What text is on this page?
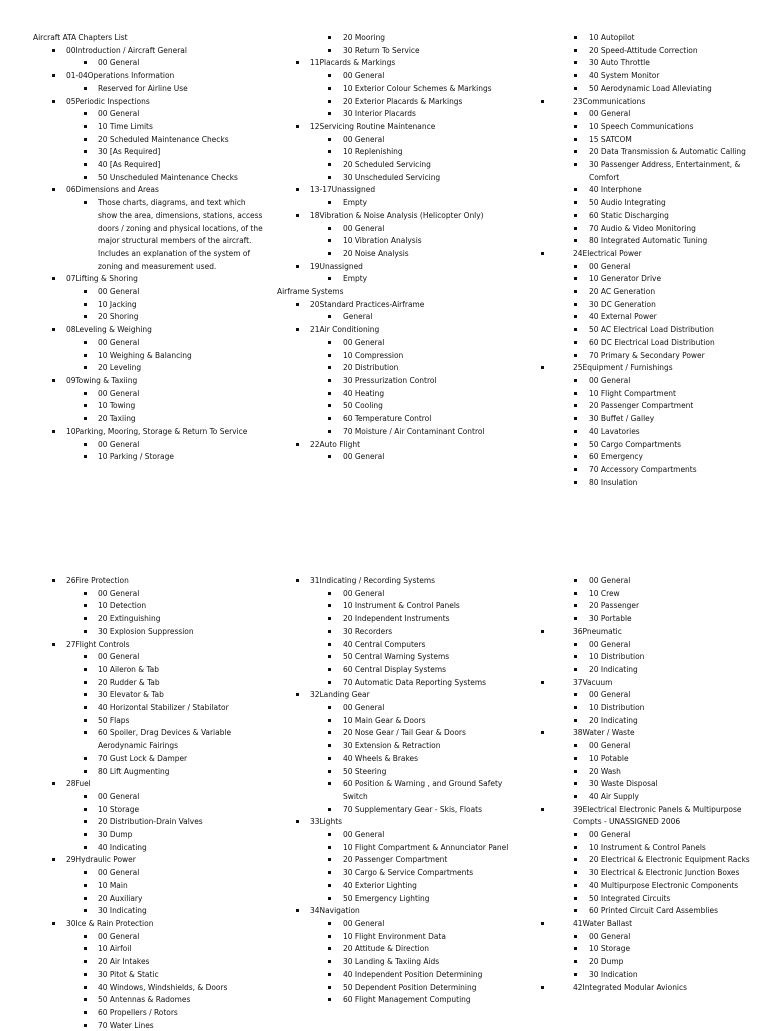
Aircraft ATA Chapters List
00Introduction / Aircraft General
00 General
01-04Operations Information
Reserved for Airline Use
05Periodic Inspections
00 General
10 Time Limits
20 Scheduled Maintenance Checks
30 [As Required]
40 [As Required]
50 Unscheduled Maintenance Checks
06Dimensions and Areas
Those charts, diagrams, and text which show the area, dimensions, stations, access doors / zoning and physical locations, of the major structural members of the aircraft. Includes an explanation of the system of zoning and measurement used.
07Lifting & Shoring
00 General
10 Jacking
20 Shoring
08Leveling & Weighing
00 General
10 Weighing & Balancing
20 Leveling
09Towing & Taxiing
00 General
10 Towing
20 Taxiing
10Parking, Mooring, Storage & Return To Service
00 General
10 Parking / Storage
20 Mooring
30 Return To Service
11Placards & Markings
00 General
10 Exterior Colour Schemes & Markings
20 Exterior Placards & Markings
30 Interior Placards
12Servicing Routine Maintenance
00 General
10 Replenishing
20 Scheduled Servicing
30 Unscheduled Servicing
13-17Unassigned
Empty
18Vibration & Noise Analysis (Helicopter Only)
00 General
10 Vibration Analysis
20 Noise Analysis
19Unassigned
Empty
Airframe Systems
20Standard Practices-Airframe
General
21Air Conditioning
00 General
10 Compression
20 Distribution
30 Pressurization Control
40 Heating
50 Cooling
60 Temperature Control
70 Moisture / Air Contaminant Control
22Auto Flight
00 General
10 Autopilot
20 Speed-Attitude Correction
30 Auto Throttle
40 System Monitor
50 Aerodynamic Load Alleviating
23Communications
00 General
10 Speech Communications
15 SATCOM
20 Data Transmission & Automatic Calling
30 Passenger Address, Entertainment, & Comfort
40 Interphone
50 Audio Integrating
60 Static Discharging
70 Audio & Video Monitoring
80 Integrated Automatic Tuning
24Electrical Power
00 General
10 Generator Drive
20 AC Generation
30 DC Generation
40 External Power
50 AC Electrical Load Distribution
60 DC Electrical Load Distribution
70 Primary & Secondary Power
25Equipment / Furnishings
00 General
10 Flight Compartment
20 Passenger Compartment
30 Buffet / Galley
40 Lavatories
50 Cargo Compartments
60 Emergency
70 Accessory Compartments
80 Insulation
26Fire Protection
00 General
10 Detection
20 Extinguishing
30 Explosion Suppression
27Flight Controls
00 General
10 Aileron & Tab
20 Rudder & Tab
30 Elevator & Tab
40 Horizontal Stabilizer / Stabilator
50 Flaps
60 Spoiler, Drag Devices & Variable Aerodynamic Fairings
70 Gust Lock & Damper
80 Lift Augmenting
28Fuel
00 General
10 Storage
20 Distribution-Drain Valves
30 Dump
40 Indicating
29Hydraulic Power
00 General
10 Main
20 Auxiliary
30 Indicating
30Ice & Rain Protection
00 General
10 Airfoil
20 Air Intakes
30 Pitot & Static
40 Windows, Windshields, & Doors
50 Antennas & Radomes
60 Propellers / Rotors
70 Water Lines
31Indicating / Recording Systems
00 General
10 Instrument & Control Panels
20 Independent Instruments
30 Recorders
40 Central Computers
50 Central Warning Systems
60 Central Display Systems
70 Automatic Data Reporting Systems
32Landing Gear
00 General
10 Main Gear & Doors
20 Nose Gear / Tail Gear & Doors
30 Extension & Retraction
40 Wheels & Brakes
50 Steering
60 Position & Warning , and Ground Safety Switch
70 Supplementary Gear - Skis, Floats
33Lights
00 General
10 Flight Compartment & Annunciator Panel
20 Passenger Compartment
30 Cargo & Service Compartments
40 Exterior Lighting
50 Emergency Lighting
34Navigation
00 General
10 Flight Environment Data
20 Attitude & Direction
30 Landing & Taxiing Aids
40 Independent Position Determining
50 Dependent Position Determining
60 Flight Management Computing
00 General
10 Crew
20 Passenger
30 Portable
36Pneumatic
00 General
10 Distribution
20 Indicating
37Vacuum
00 General
10 Distribution
20 Indicating
38Water / Waste
00 General
10 Potable
20 Wash
30 Waste Disposal
40 Air Supply
39Electrical Electronic Panels & Multipurpose Compts - UNASSIGNED 2006
00 General
10 Instrument & Control Panels
20 Electrical & Electronic Equipment Racks
30 Electrical & Electronic Junction Boxes
40 Multipurpose Electronic Components
50 Integrated Circuits
60 Printed Circuit Card Assemblies
41Water Ballast
00 General
10 Storage
20 Dump
30 Indication
42Integrated Modular Avionics
